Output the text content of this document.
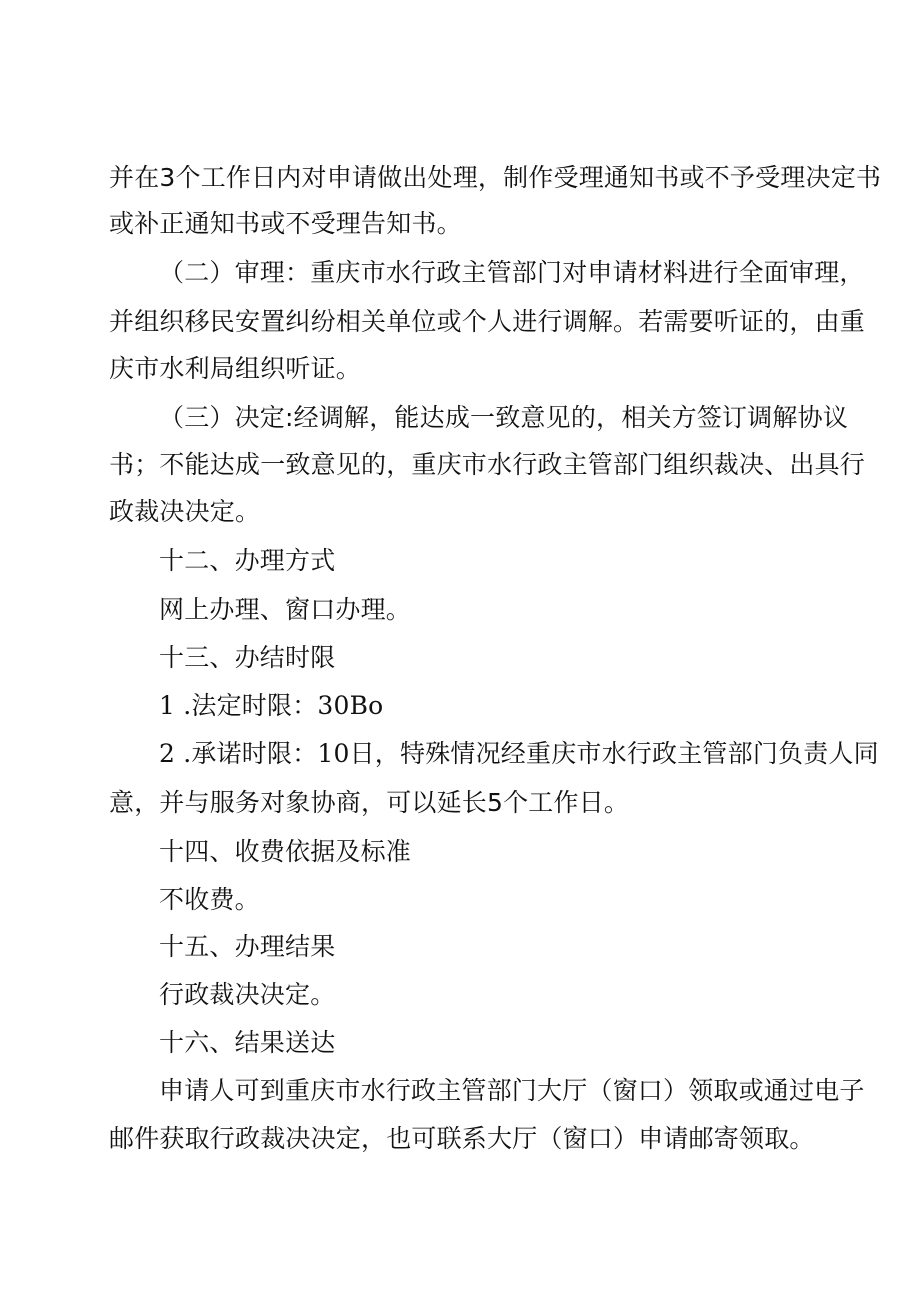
并在3个工作日内对申请做出处理，制作受理通知书或不予受理决定书
或补正通知书或不受理告知书。
（二）审理：重庆市水行政主管部门对申请材料进行全面审理，
并组织移民安置纠纷相关单位或个人进行调解。若需要听证的，由重
庆市水利局组织听证。
（三）决定:经调解，能达成一致意见的，相关方签订调解协议
书；不能达成一致意见的，重庆市水行政主管部门组织裁决、出具行
政裁决决定。
十二、办理方式
网上办理、窗口办理。
十三、办结时限
1 .法定时限：30Bo
2 .承诺时限：10日，特殊情况经重庆市水行政主管部门负责人同
意，并与服务对象协商，可以延长5个工作日。
十四、收费依据及标准
不收费。
十五、办理结果
行政裁决决定。
十六、结果送达
申请人可到重庆市水行政主管部门大厅（窗口）领取或通过电子
邮件获取行政裁决决定，也可联系大厅（窗口）申请邮寄领取。
